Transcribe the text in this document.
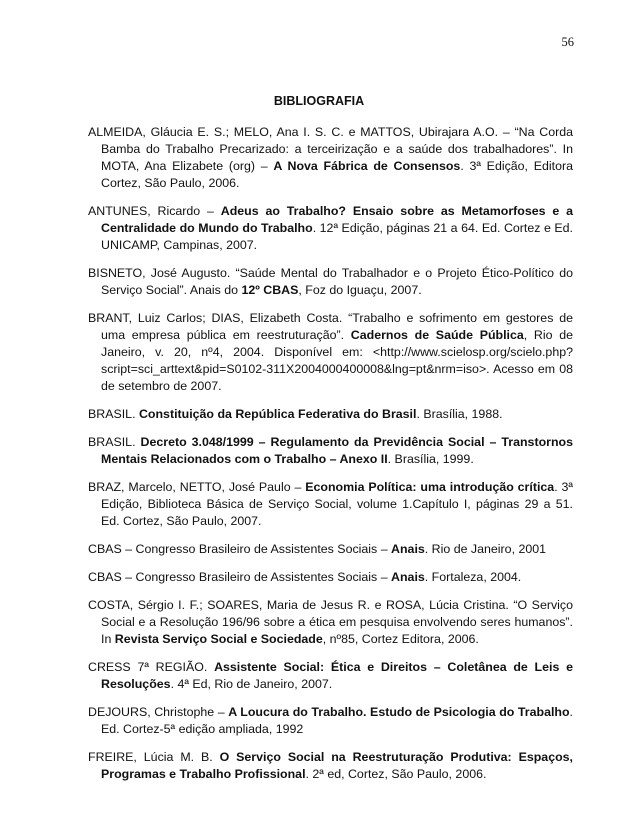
56
BIBLIOGRAFIA

ALMEIDA, Gláucia E. S.; MELO, Ana I. S. C. e MATTOS, Ubirajara A.O. – “Na Corda Bamba do Trabalho Precarizado: a terceirização e a saúde dos trabalhadores”. In MOTA, Ana Elizabete (org) – A Nova Fábrica de Consensos. 3ª Edição, Editora Cortez, São Paulo, 2006.

ANTUNES, Ricardo – Adeus ao Trabalho? Ensaio sobre as Metamorfoses e a Centralidade do Mundo do Trabalho. 12ª Edição, páginas 21 a 64. Ed. Cortez e Ed. UNICAMP, Campinas, 2007.

BISNETO, José Augusto. “Saúde Mental do Trabalhador e o Projeto Ético-Político do Serviço Social”. Anais do 12º CBAS, Foz do Iguaçu, 2007.

BRANT, Luiz Carlos; DIAS, Elizabeth Costa. “Trabalho e sofrimento em gestores de uma empresa pública em reestruturação”. Cadernos de Saúde Pública, Rio de Janeiro, v. 20, nº4, 2004. Disponível em: <http://www.scielosp.org/scielo.php?script=sci_arttext&pid=S0102-311X2004000400008&lng=pt&nrm=iso>. Acesso em 08 de setembro de 2007.

BRASIL. Constituição da República Federativa do Brasil. Brasília, 1988.

BRASIL. Decreto 3.048/1999 – Regulamento da Previdência Social – Transtornos Mentais Relacionados com o Trabalho – Anexo II. Brasília, 1999.

BRAZ, Marcelo, NETTO, José Paulo – Economia Política: uma introdução crítica. 3ª Edição, Biblioteca Básica de Serviço Social, volume 1.Capítulo I, páginas 29 a 51. Ed. Cortez, São Paulo, 2007.

CBAS – Congresso Brasileiro de Assistentes Sociais – Anais. Rio de Janeiro, 2001

CBAS – Congresso Brasileiro de Assistentes Sociais – Anais. Fortaleza, 2004.

COSTA, Sérgio I. F.; SOARES, Maria de Jesus R. e ROSA, Lúcia Cristina. “O Serviço Social e a Resolução 196/96 sobre a ética em pesquisa envolvendo seres humanos”. In Revista Serviço Social e Sociedade, nº85, Cortez Editora, 2006.

CRESS 7ª REGIÃO. Assistente Social: Ética e Direitos – Coletânea de Leis e Resoluções. 4ª Ed, Rio de Janeiro, 2007.

DEJOURS, Christophe – A Loucura do Trabalho. Estudo de Psicologia do Trabalho. Ed. Cortez-5ª edição ampliada, 1992

FREIRE, Lúcia M. B. O Serviço Social na Reestruturação Produtiva: Espaços, Programas e Trabalho Profissional. 2ª ed, Cortez, São Paulo, 2006.
